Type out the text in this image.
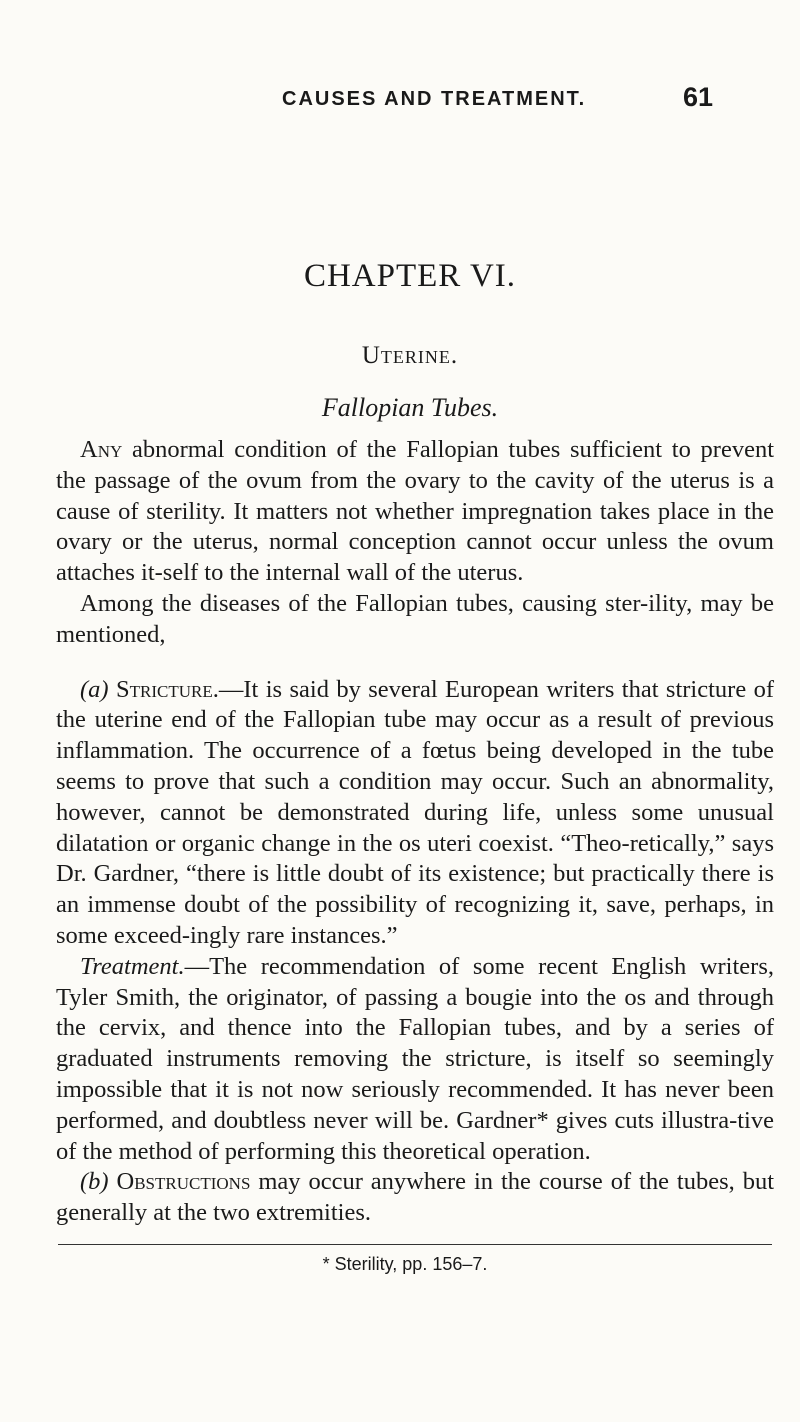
CAUSES AND TREATMENT.	61
CHAPTER VI.
Uterine.
Fallopian Tubes.

Any abnormal condition of the Fallopian tubes sufficient to prevent the passage of the ovum from the ovary to the cavity of the uterus is a cause of sterility. It matters not whether impregnation takes place in the ovary or the uterus, normal conception cannot occur unless the ovum attaches it-self to the internal wall of the uterus.

Among the diseases of the Fallopian tubes, causing ster-ility, may be mentioned,

(a) Stricture.—It is said by several European writers that stricture of the uterine end of the Fallopian tube may occur as a result of previous inflammation. The occurrence of a fœtus being developed in the tube seems to prove that such a condition may occur. Such an abnormality, however, cannot be demonstrated during life, unless some unusual dilatation or organic change in the os uteri coexist. “Theo-retically,” says Dr. Gardner, “there is little doubt of its existence; but practically there is an immense doubt of the possibility of recognizing it, save, perhaps, in some exceed-ingly rare instances.”

Treatment.—The recommendation of some recent English writers, Tyler Smith, the originator, of passing a bougie into the os and through the cervix, and thence into the Fallopian tubes, and by a series of graduated instruments removing the stricture, is itself so seemingly impossible that it is not now seriously recommended. It has never been performed, and doubtless never will be. Gardner* gives cuts illustra-tive of the method of performing this theoretical operation.

(b) Obstructions may occur anywhere in the course of the tubes, but generally at the two extremities.

* Sterility, pp. 156–7.
